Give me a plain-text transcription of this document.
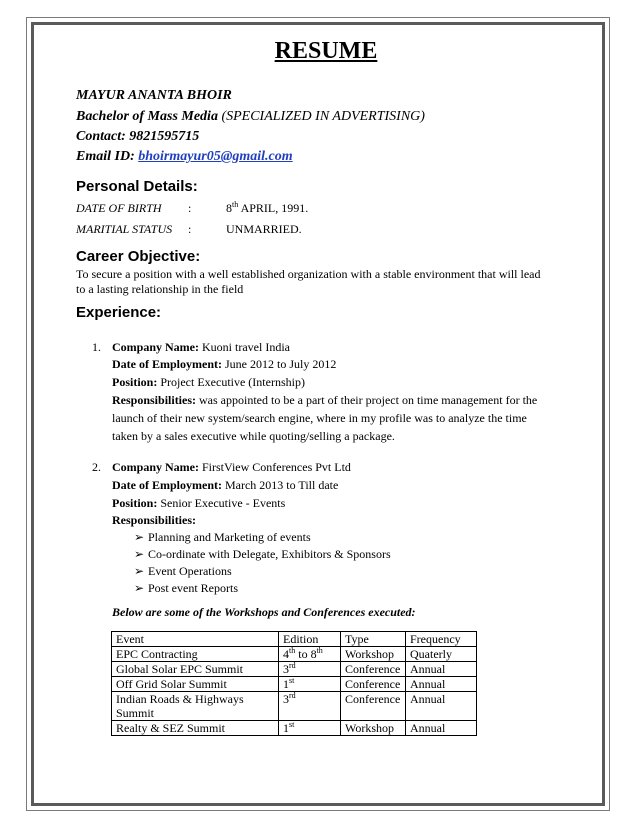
RESUME
MAYUR ANANTA BHOIR
Bachelor of Mass Media (SPECIALIZED IN ADVERTISING)
Contact: 9821595715
Email ID: bhoirmayur05@gmail.com
Personal Details:
DATE OF BIRTH :	8th APRIL, 1991.
MARITIAL STATUS :	UNMARRIED.
Career Objective:
To secure a position with a well established organization with a stable environment that will lead
to a lasting relationship in the field
Experience:
1. Company Name: Kuoni travel India
Date of Employment: June 2012 to July 2012
Position: Project Executive (Internship)
Responsibilities: was appointed to be a part of their project on time management for the
launch of their new system/search engine, where in my profile was to analyze the time
taken by a sales executive while quoting/selling a package.
2. Company Name: FirstView Conferences Pvt Ltd
Date of Employment: March 2013 to Till date
Position: Senior Executive - Events
Responsibilities:
➢ Planning and Marketing of events
➢ Co-ordinate with Delegate, Exhibitors & Sponsors
➢ Event Operations
➢ Post event Reports
Below are some of the Workshops and Conferences executed:
Event	Edition	Type	Frequency
EPC Contracting	4th to 8th	Workshop	Quaterly
Global Solar EPC Summit	3rd	Conference	Annual
Off Grid Solar Summit	1st	Conference	Annual
Indian Roads & Highways
Summit	3rd	Conference	Annual
Realty & SEZ Summit	1st	Workshop	Annual
